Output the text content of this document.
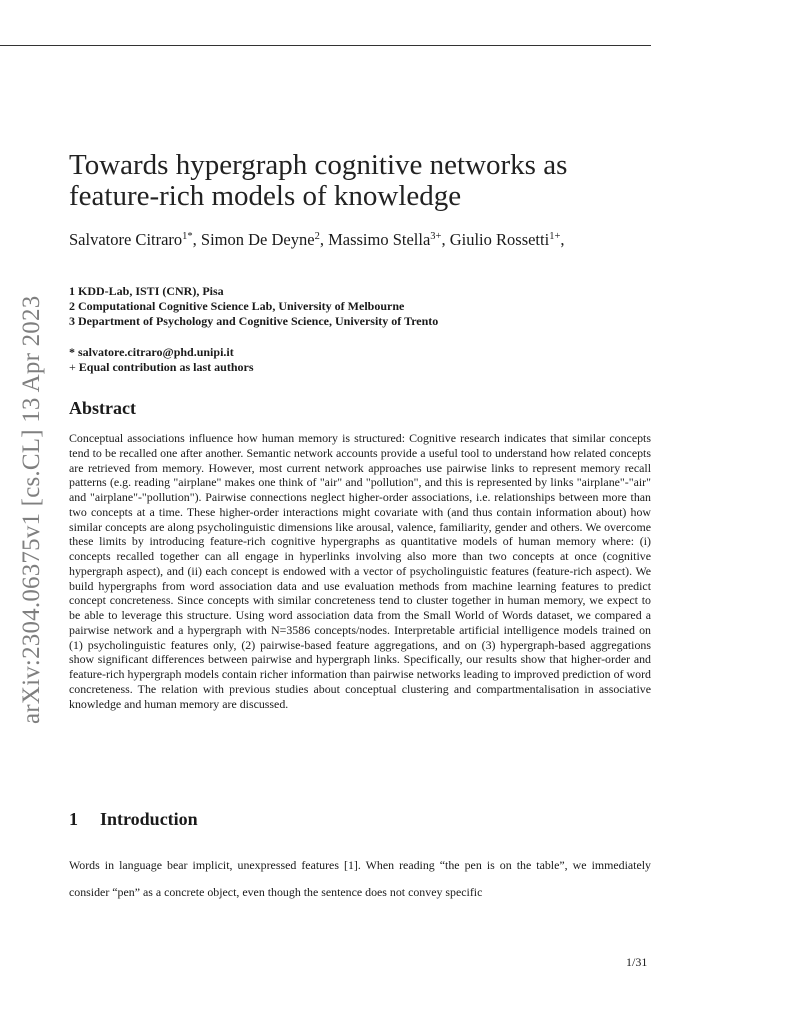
arXiv:2304.06375v1 [cs.CL] 13 Apr 2023
Towards hypergraph cognitive networks as feature-rich models of knowledge
Salvatore Citraro$^{1*}$, Simon De Deyne$^2$, Massimo Stella$^{3+}$, Giulio Rossetti$^{1+}$,
1 KDD-Lab, ISTI (CNR), Pisa
2 Computational Cognitive Science Lab, University of Melbourne
3 Department of Psychology and Cognitive Science, University of Trento
* salvatore.citraro@phd.unipi.it
+ Equal contribution as last authors
Abstract
Conceptual associations influence how human memory is structured: Cognitive research indicates that similar concepts tend to be recalled one after another. Semantic network accounts provide a useful tool to understand how related concepts are retrieved from memory. However, most current network approaches use pairwise links to represent memory recall patterns (e.g. reading "airplane" makes one think of "air" and "pollution", and this is represented by links "airplane"-"air" and "airplane"-"pollution"). Pairwise connections neglect higher-order associations, i.e. relationships between more than two concepts at a time. These higher-order interactions might covariate with (and thus contain information about) how similar concepts are along psycholinguistic dimensions like arousal, valence, familiarity, gender and others. We overcome these limits by introducing feature-rich cognitive hypergraphs as quantitative models of human memory where: (i) concepts recalled together can all engage in hyperlinks involving also more than two concepts at once (cognitive hypergraph aspect), and (ii) each concept is endowed with a vector of psycholinguistic features (feature-rich aspect). We build hypergraphs from word association data and use evaluation methods from machine learning features to predict concept concreteness. Since concepts with similar concreteness tend to cluster together in human memory, we expect to be able to leverage this structure. Using word association data from the Small World of Words dataset, we compared a pairwise network and a hypergraph with N=3586 concepts/nodes. Interpretable artificial intelligence models trained on (1) psycholinguistic features only, (2) pairwise-based feature aggregations, and on (3) hypergraph-based aggregations show significant differences between pairwise and hypergraph links. Specifically, our results show that higher-order and feature-rich hypergraph models contain richer information than pairwise networks leading to improved prediction of word concreteness. The relation with previous studies about conceptual clustering and compartmentalisation in associative knowledge and human memory are discussed.
1 Introduction
Words in language bear implicit, unexpressed features [1]. When reading “the pen is on the table”, we immediately consider “pen” as a concrete object, even though the sentence does not convey specific
1/31
